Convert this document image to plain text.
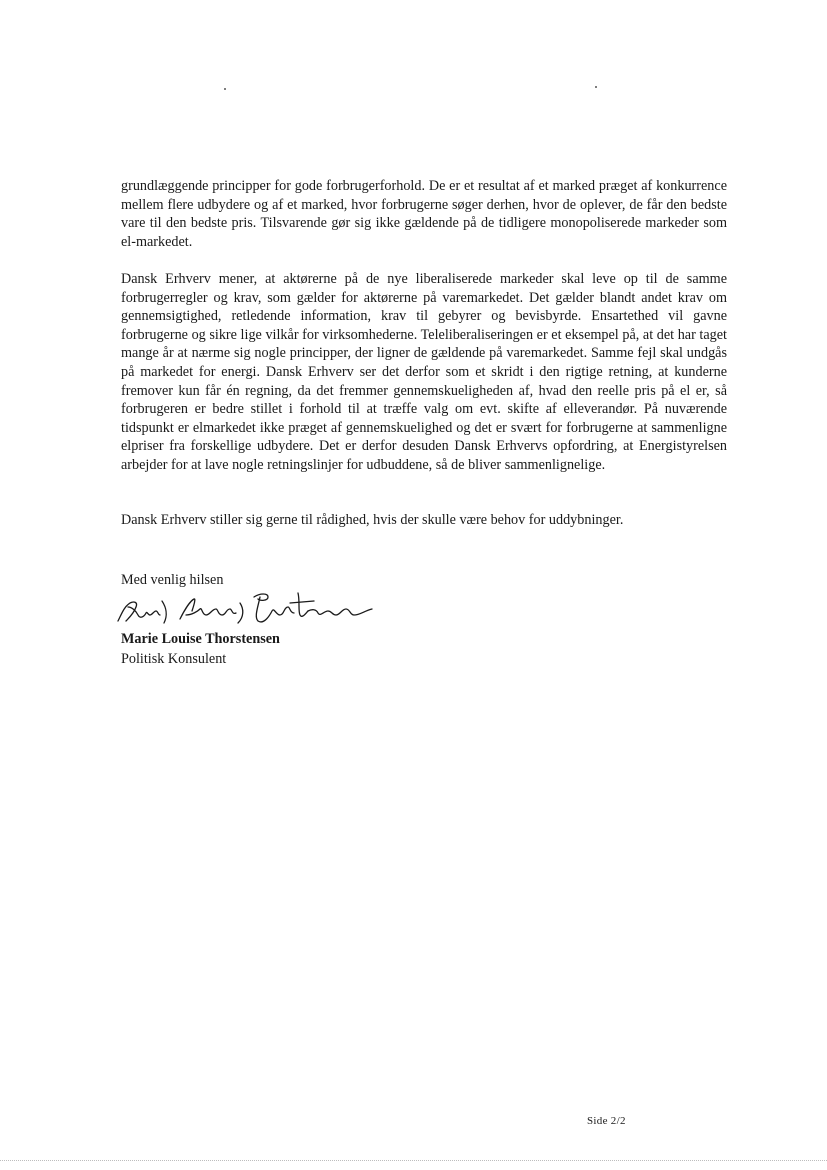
grundlæggende principper for gode forbrugerforhold. De er et resultat af et marked præget af konkurrence mellem flere udbydere og af et marked, hvor forbrugerne søger derhen, hvor de oplever, de får den bedste vare til den bedste pris. Tilsvarende gør sig ikke gældende på de tidligere monopoliserede markeder som el-markedet.

Dansk Erhverv mener, at aktørerne på de nye liberaliserede markeder skal leve op til de samme forbrugerregler og krav, som gælder for aktørerne på varemarkedet. Det gælder blandt andet krav om gennemsigtighed, retledende information, krav til gebyrer og bevisbyrde. Ensartethed vil gavne forbrugerne og sikre lige vilkår for virksomhederne. Teleliberaliseringen er et eksempel på, at det har taget mange år at nærme sig nogle principper, der ligner de gældende på varemarkedet. Samme fejl skal undgås på markedet for energi. Dansk Erhverv ser det derfor som et skridt i den rigtige retning, at kunderne fremover kun får én regning, da det fremmer gennemskueligheden af, hvad den reelle pris på el er, så forbrugeren er bedre stillet i forhold til at træffe valg om evt. skifte af elleverandør. På nuværende tidspunkt er elmarkedet ikke præget af gennemskuelighed og det er svært for forbrugerne at sammenligne elpriser fra forskellige udbydere. Det er derfor desuden Dansk Erhvervs opfordring, at Energistyrelsen arbejder for at lave nogle retningslinjer for udbuddene, så de bliver sammenlignelige.

Dansk Erhverv stiller sig gerne til rådighed, hvis der skulle være behov for uddybninger.

Med venlig hilsen
Marie Louise Thorstensen
Politisk Konsulent
Side 2/2
